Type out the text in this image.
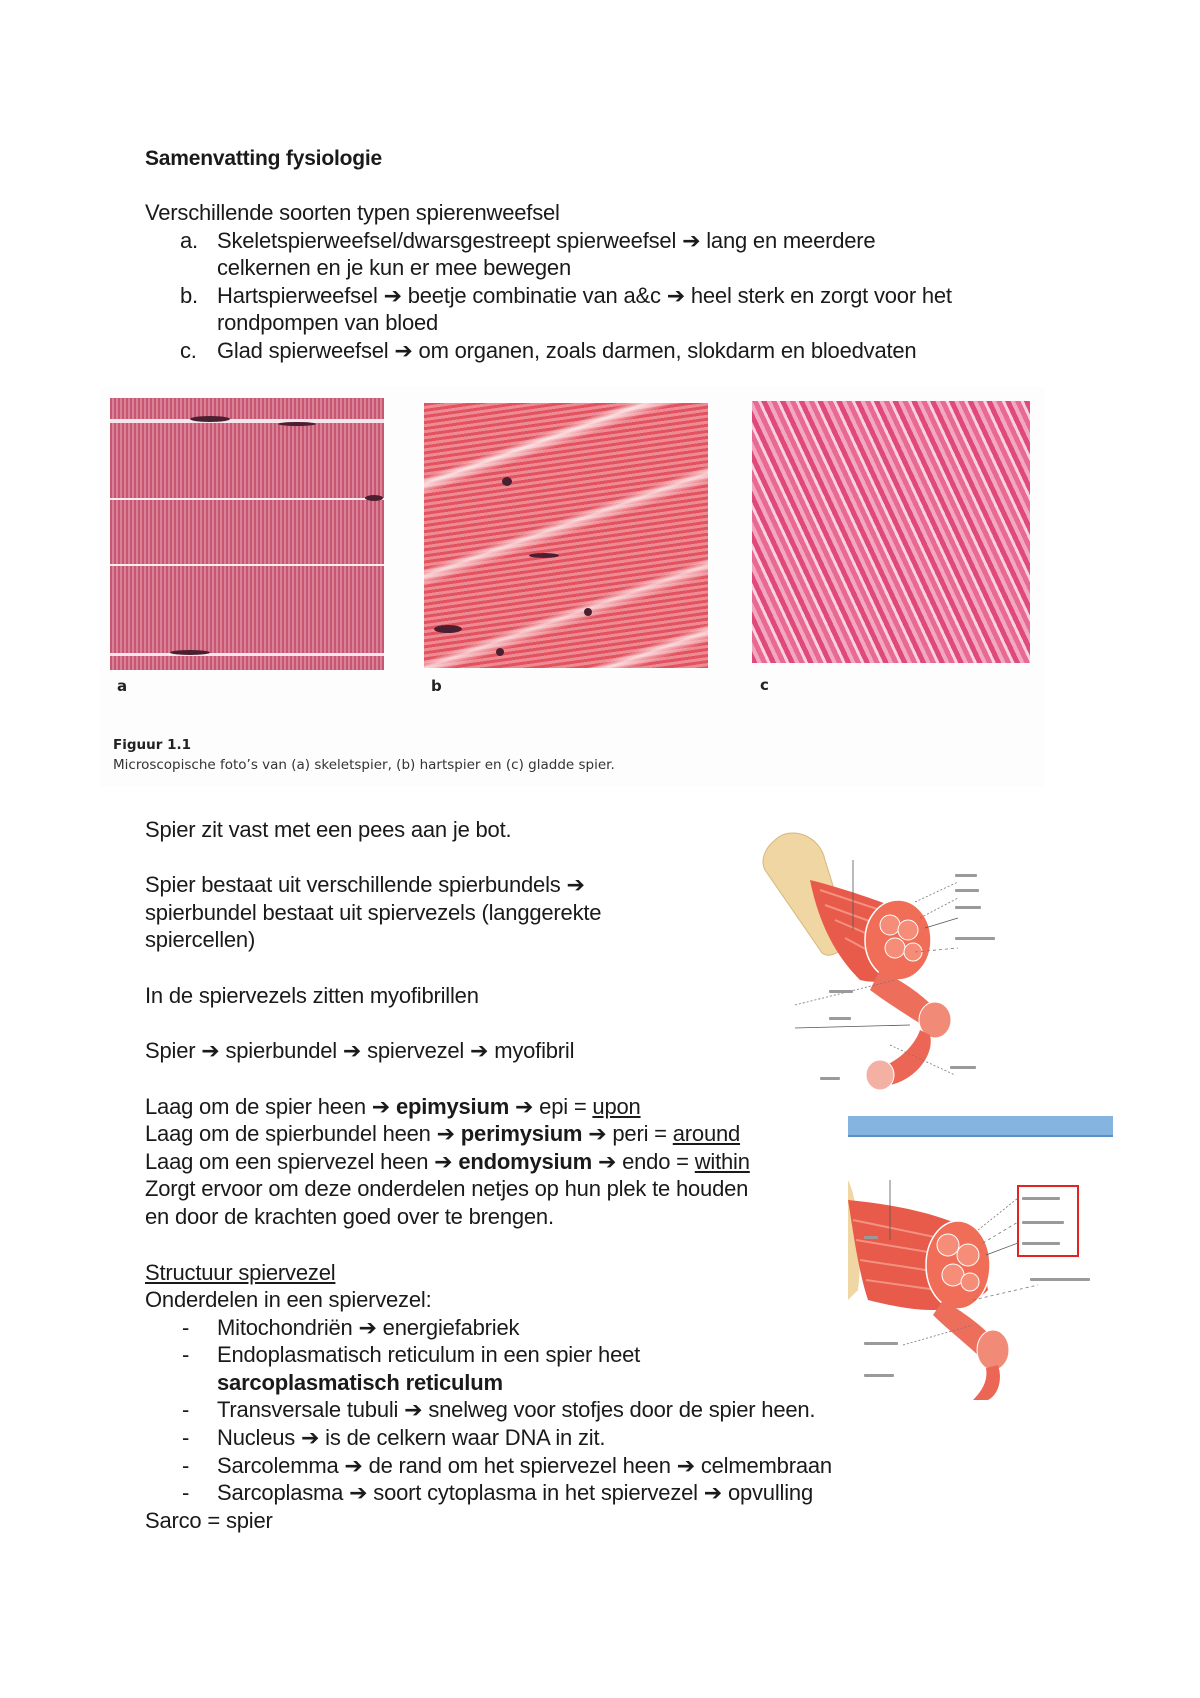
Samenvatting fysiologie
Verschillende soorten typen spierenweefsel
a. Skeletspierweefsel/dwarsgestreept spierweefsel ➔ lang en meerdere
celkernen en je kun er mee bewegen
b. Hartspierweefsel ➔ beetje combinatie van a&c ➔ heel sterk en zorgt voor het
rondpompen van bloed
c. Glad spierweefsel ➔ om organen, zoals darmen, slokdarm en bloedvaten
a	b	c
Figuur 1.1
Microscopische foto’s van (a) skeletspier, (b) hartspier en (c) gladde spier.
Spier zit vast met een pees aan je bot.
Spier bestaat uit verschillende spierbundels ➔
spierbundel bestaat uit spiervezels (langgerekte
spiercellen)
In de spiervezels zitten myofibrillen
Spier ➔ spierbundel ➔ spiervezel ➔ myofibril
Laag om de spier heen ➔ epimysium ➔ epi = upon
Laag om de spierbundel heen ➔ perimysium ➔ peri = around
Laag om een spiervezel heen ➔ endomysium ➔ endo = within
Zorgt ervoor om deze onderdelen netjes op hun plek te houden
en door de krachten goed over te brengen.
Structuur spiervezel
Onderdelen in een spiervezel:
- Mitochondriën ➔ energiefabriek
- Endoplasmatisch reticulum in een spier heet
sarcoplasmatisch reticulum
- Transversale tubuli ➔ snelweg voor stofjes door de spier heen.
- Nucleus ➔ is de celkern waar DNA in zit.
- Sarcolemma ➔ de rand om het spiervezel heen ➔ celmembraan
- Sarcoplasma ➔ soort cytoplasma in het spiervezel ➔ opvulling
Sarco = spier
